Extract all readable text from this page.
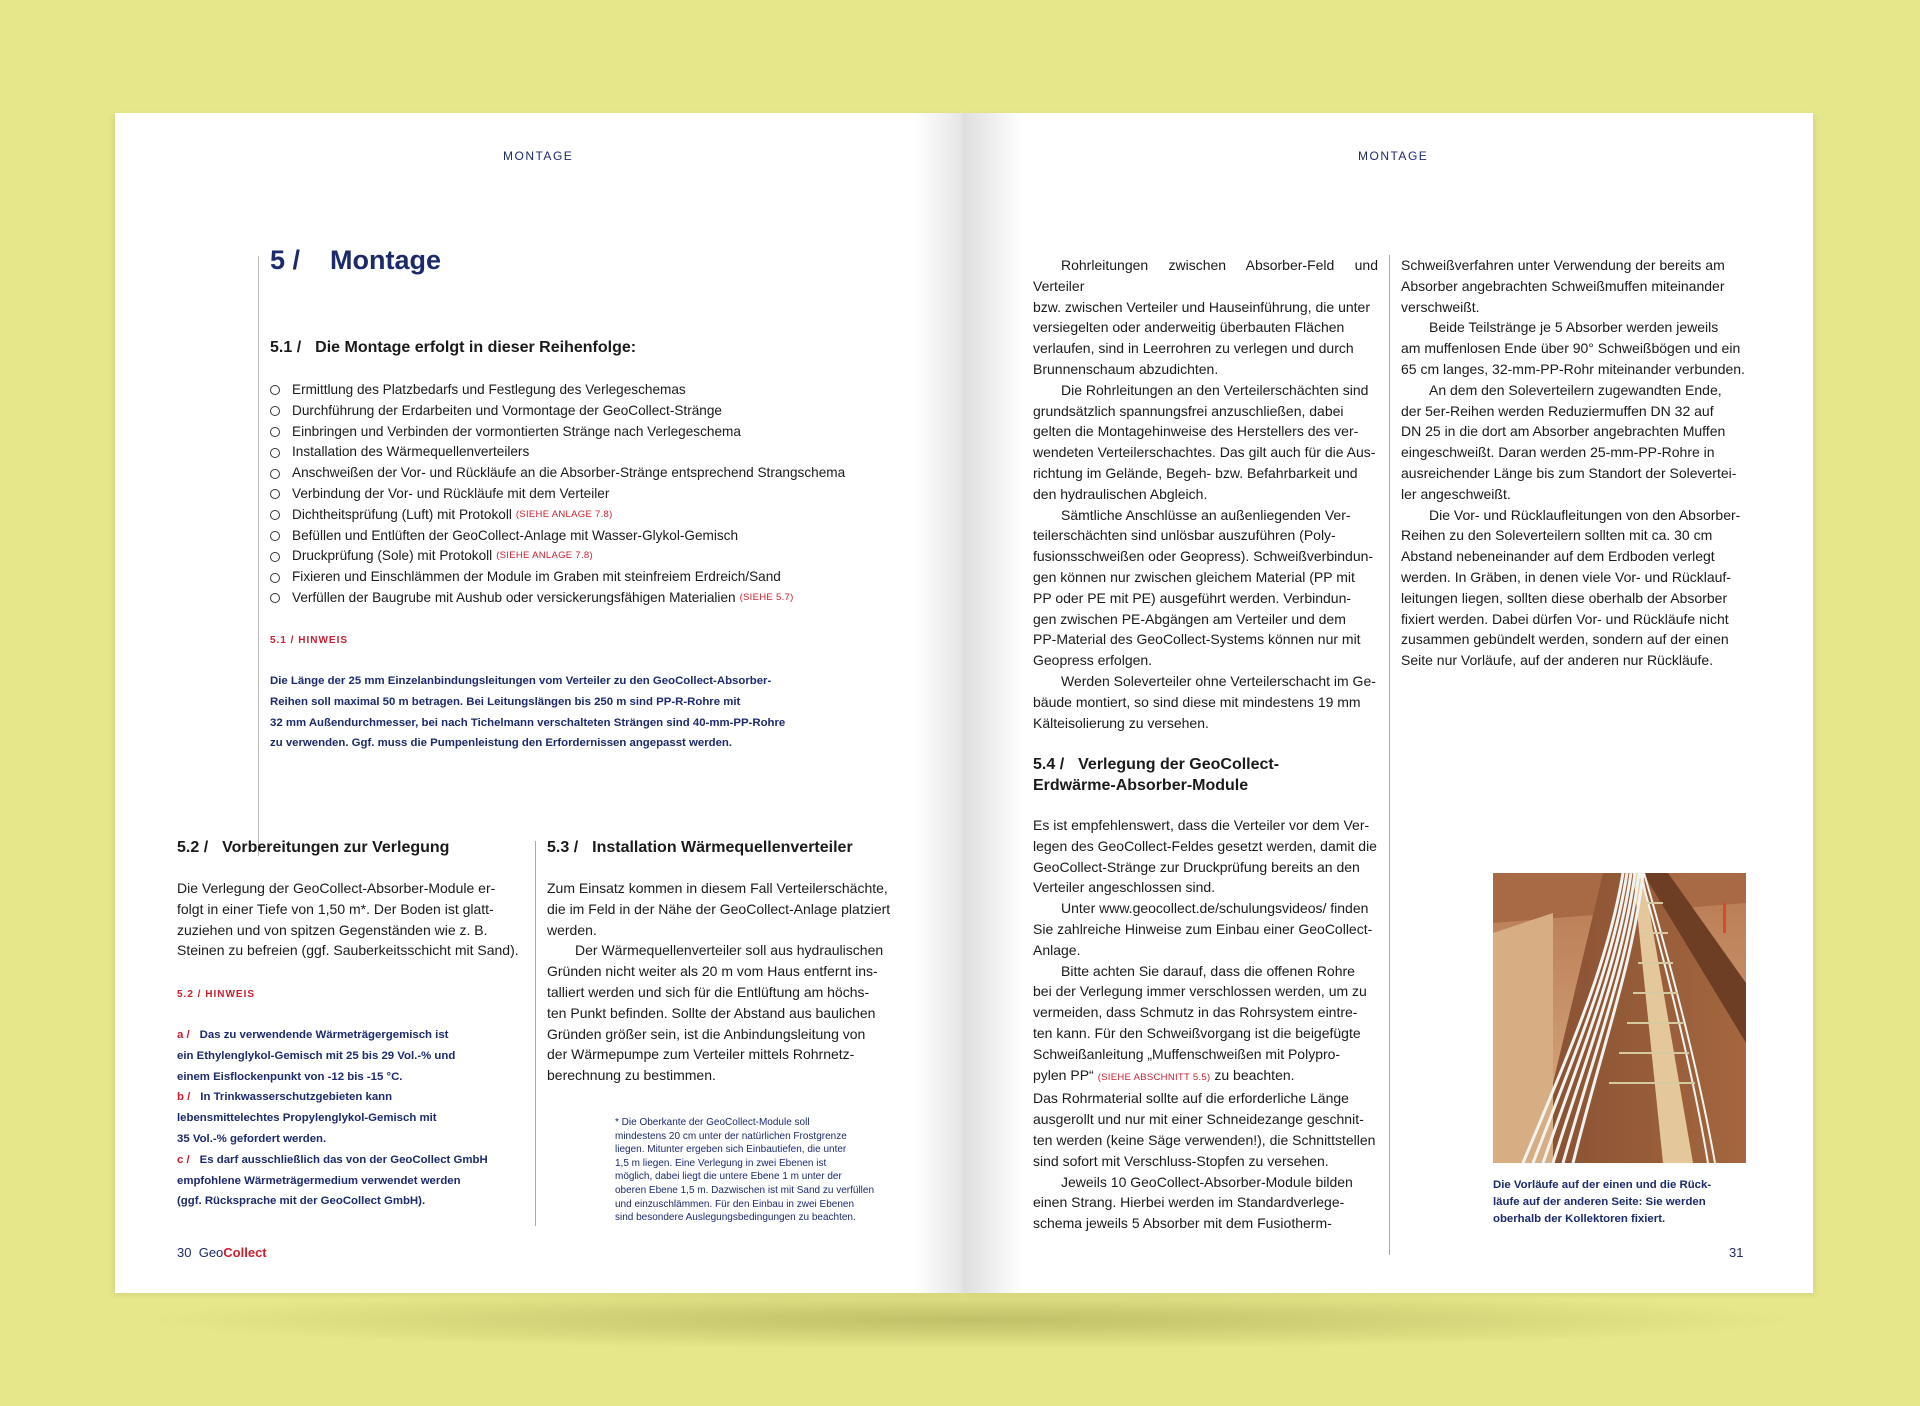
MONTAGE
5 / Montage
5.1 / Die Montage erfolgt in dieser Reihenfolge:
Ermittlung des Platzbedarfs und Festlegung des Verlegeschemas
Durchführung der Erdarbeiten und Vormontage der GeoCollect-Stränge
Einbringen und Verbinden der vormontierten Stränge nach Verlegeschema
Installation des Wärmequellenverteilers
Anschweißen der Vor- und Rückläufe an die Absorber-Stränge entsprechend Strangschema
Verbindung der Vor- und Rückläufe mit dem Verteiler
Dichtheitsprüfung (Luft) mit Protokoll (SIEHE ANLAGE 7.8)
Befüllen und Entlüften der GeoCollect-Anlage mit Wasser-Glykol-Gemisch
Druckprüfung (Sole) mit Protokoll (SIEHE ANLAGE 7.8)
Fixieren und Einschlämmen der Module im Graben mit steinfreiem Erdreich/Sand
Verfüllen der Baugrube mit Aushub oder versickerungsfähigen Materialien (SIEHE 5.7)
5.1 / HINWEIS
Die Länge der 25 mm Einzelanbindungsleitungen vom Verteiler zu den GeoCollect-Absorber-
Reihen soll maximal 50 m betragen. Bei Leitungslängen bis 250 m sind PP-R-Rohre mit
32 mm Außendurchmesser, bei nach Tichelmann verschalteten Strängen sind 40-mm-PP-Rohre
zu verwenden. Ggf. muss die Pumpenleistung den Erfordernissen angepasst werden.
5.2 / Vorbereitungen zur Verlegung
Die Verlegung der GeoCollect-Absorber-Module er-
folgt in einer Tiefe von 1,50 m*. Der Boden ist glatt-
zuziehen und von spitzen Gegenständen wie z. B.
Steinen zu befreien (ggf. Sauberkeitsschicht mit Sand).
5.2 / HINWEIS
a / Das zu verwendende Wärmeträgergemisch ist
ein Ethylenglykol-Gemisch mit 25 bis 29 Vol.-% und
einem Eisflockenpunkt von -12 bis -15 °C.
b / In Trinkwasserschutzgebieten kann
lebensmittelechtes Propylenglykol-Gemisch mit
35 Vol.-% gefordert werden.
c / Es darf ausschließlich das von der GeoCollect GmbH
empfohlene Wärmeträgermedium verwendet werden
(ggf. Rücksprache mit der GeoCollect GmbH).
5.3 / Installation Wärmequellenverteiler
Zum Einsatz kommen in diesem Fall Verteilerschächte,
die im Feld in der Nähe der GeoCollect-Anlage platziert
werden.
Der Wärmequellenverteiler soll aus hydraulischen
Gründen nicht weiter als 20 m vom Haus entfernt ins-
talliert werden und sich für die Entlüftung am höchs-
ten Punkt befinden. Sollte der Abstand aus baulichen
Gründen größer sein, ist die Anbindungsleitung von
der Wärmepumpe zum Verteiler mittels Rohrnetz-
berechnung zu bestimmen.
* Die Oberkante der GeoCollect-Module soll
mindestens 20 cm unter der natürlichen Frostgrenze
liegen. Mitunter ergeben sich Einbautiefen, die unter
1,5 m liegen. Eine Verlegung in zwei Ebenen ist
möglich, dabei liegt die untere Ebene 1 m unter der
oberen Ebene 1,5 m. Dazwischen ist mit Sand zu verfüllen
und einzuschlämmen. Für den Einbau in zwei Ebenen
sind besondere Auslegungsbedingungen zu beachten.
30 GeoCollect
MONTAGE
Rohrleitungen zwischen Absorber-Feld und Verteiler
bzw. zwischen Verteiler und Hauseinführung, die unter
versiegelten oder anderweitig überbauten Flächen
verlaufen, sind in Leerrohren zu verlegen und durch
Brunnenschaum abzudichten.
Die Rohrleitungen an den Verteilerschächten sind
grundsätzlich spannungsfrei anzuschließen, dabei
gelten die Montagehinweise des Herstellers des ver-
wendeten Verteilerschachtes. Das gilt auch für die Aus-
richtung im Gelände, Begeh- bzw. Befahrbarkeit und
den hydraulischen Abgleich.
Sämtliche Anschlüsse an außenliegenden Ver-
teilerschächten sind unlösbar auszuführen (Poly-
fusionsschweißen oder Geopress). Schweißverbindun-
gen können nur zwischen gleichem Material (PP mit
PP oder PE mit PE) ausgeführt werden. Verbindun-
gen zwischen PE-Abgängen am Verteiler und dem
PP-Material des GeoCollect-Systems können nur mit
Geopress erfolgen.
Werden Soleverteiler ohne Verteilerschacht im Ge-
bäude montiert, so sind diese mit mindestens 19 mm
Kälteisolierung zu versehen.
5.4 / Verlegung der GeoCollect-
Erdwärme-Absorber-Module
Es ist empfehlenswert, dass die Verteiler vor dem Ver-
legen des GeoCollect-Feldes gesetzt werden, damit die
GeoCollect-Stränge zur Druckprüfung bereits an den
Verteiler angeschlossen sind.
Unter www.geocollect.de/schulungsvideos/ finden
Sie zahlreiche Hinweise zum Einbau einer GeoCollect-
Anlage.
Bitte achten Sie darauf, dass die offenen Rohre
bei der Verlegung immer verschlossen werden, um zu
vermeiden, dass Schmutz in das Rohrsystem eintre-
ten kann. Für den Schweißvorgang ist die beigefügte
Schweißanleitung „Muffenschweißen mit Polypro-
pylen PP“ (SIEHE ABSCHNITT 5.5) zu beachten.
Das Rohrmaterial sollte auf die erforderliche Länge
ausgerollt und nur mit einer Schneidezange geschnit-
ten werden (keine Säge verwenden!), die Schnittstellen
sind sofort mit Verschluss-Stopfen zu versehen.
Jeweils 10 GeoCollect-Absorber-Module bilden
einen Strang. Hierbei werden im Standardverlege-
schema jeweils 5 Absorber mit dem Fusiotherm-
Schweißverfahren unter Verwendung der bereits am
Absorber angebrachten Schweißmuffen miteinander
verschweißt.
Beide Teilstränge je 5 Absorber werden jeweils
am muffenlosen Ende über 90° Schweißbögen und ein
65 cm langes, 32-mm-PP-Rohr miteinander verbunden.
An dem den Soleverteilern zugewandten Ende,
der 5er-Reihen werden Reduziermuffen DN 32 auf
DN 25 in die dort am Absorber angebrachten Muffen
eingeschweißt. Daran werden 25-mm-PP-Rohre in
ausreichender Länge bis zum Standort der Solevertei-
ler angeschweißt.
Die Vor- und Rücklaufleitungen von den Absorber-
Reihen zu den Soleverteilern sollten mit ca. 30 cm
Abstand nebeneinander auf dem Erdboden verlegt
werden. In Gräben, in denen viele Vor- und Rücklauf-
leitungen liegen, sollten diese oberhalb der Absorber
fixiert werden. Dabei dürfen Vor- und Rückläufe nicht
zusammen gebündelt werden, sondern auf der einen
Seite nur Vorläufe, auf der anderen nur Rückläufe.
Die Vorläufe auf der einen und die Rück-
läufe auf der anderen Seite: Sie werden
oberhalb der Kollektoren fixiert.
31
